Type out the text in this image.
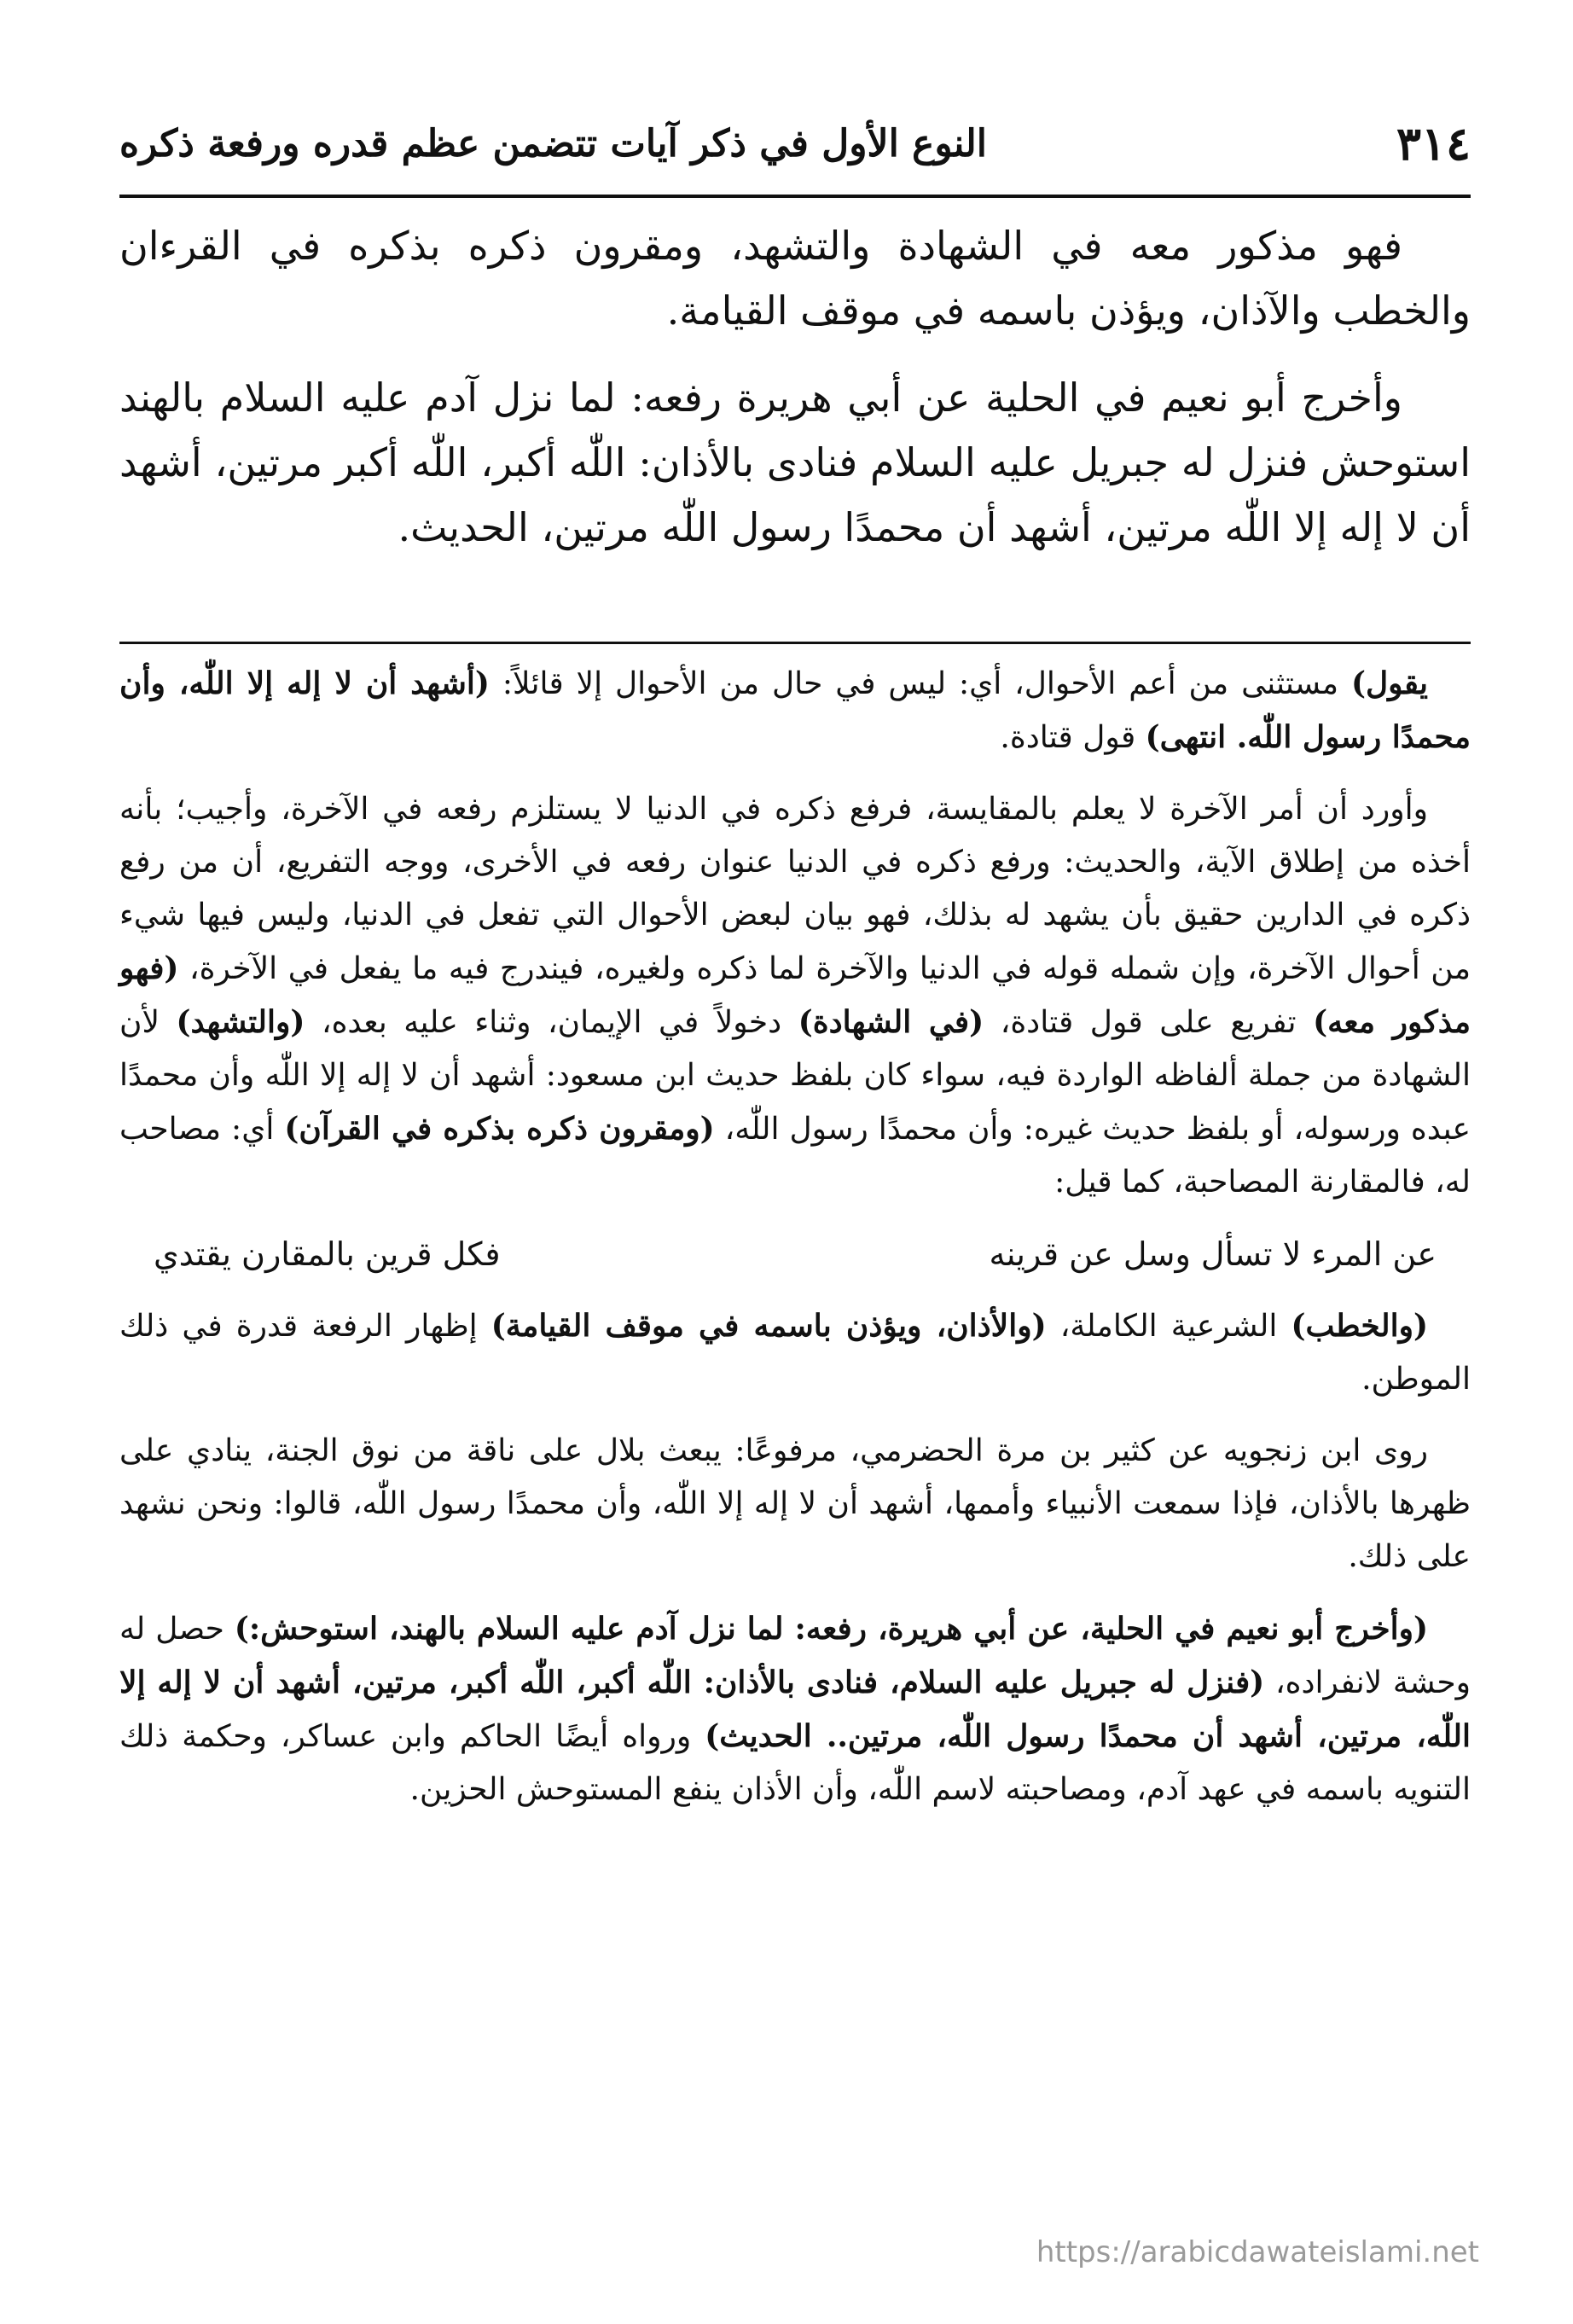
٣١٤
النوع الأول في ذكر آيات تتضمن عظم قدره ورفعة ذكره

فهو مذكور معه في الشهادة والتشهد، ومقرون ذكره بذكره في القرءان والخطب والآذان، ويؤذن باسمه في موقف القيامة.

وأخرج أبو نعيم في الحلية عن أبي هريرة رفعه: لما نزل آدم عليه السلام بالهند استوحش فنزل له جبريل عليه السلام فنادى بالأذان: اللّٰه أكبر، اللّٰه أكبر مرتين، أشهد أن لا إله إلا اللّٰه مرتين، أشهد أن محمدًا رسول اللّٰه مرتين، الحديث.

يقول) مستثنى من أعم الأحوال، أي: ليس في حال من الأحوال إلا قائلاً: (أشهد أن لا إله إلا اللّٰه، وأن محمدًا رسول اللّٰه. انتهى) قول قتادة.

وأورد أن أمر الآخرة لا يعلم بالمقايسة، فرفع ذكره في الدنيا لا يستلزم رفعه في الآخرة، وأجيب؛ بأنه أخذه من إطلاق الآية، والحديث: ورفع ذكره في الدنيا عنوان رفعه في الأخرى، ووجه التفريع، أن من رفع ذكره في الدارين حقيق بأن يشهد له بذلك، فهو بيان لبعض الأحوال التي تفعل في الدنيا، وليس فيها شيء من أحوال الآخرة، وإن شمله قوله في الدنيا والآخرة لما ذكره ولغيره، فيندرج فيه ما يفعل في الآخرة، (فهو مذكور معه) تفريع على قول قتادة، (في الشهادة) دخولاً في الإيمان، وثناء عليه بعده، (والتشهد) لأن الشهادة من جملة ألفاظه الواردة فيه، سواء كان بلفظ حديث ابن مسعود: أشهد أن لا إله إلا اللّٰه وأن محمدًا عبده ورسوله، أو بلفظ حديث غيره: وأن محمدًا رسول اللّٰه، (ومقرون ذكره بذكره في القرآن) أي: مصاحب له، فالمقارنة المصاحبة، كما قيل:

عن المرء لا تسأل وسل عن قرينه
فكل قرين بالمقارن يقتدي

(والخطب) الشرعية الكاملة، (والأذان، ويؤذن باسمه في موقف القيامة) إظهار الرفعة قدرة في ذلك الموطن.

روى ابن زنجويه عن كثير بن مرة الحضرمي، مرفوعًا: يبعث بلال على ناقة من نوق الجنة، ينادي على ظهرها بالأذان، فإذا سمعت الأنبياء وأممها، أشهد أن لا إله إلا اللّٰه، وأن محمدًا رسول اللّٰه، قالوا: ونحن نشهد على ذلك.

(وأخرج أبو نعيم في الحلية، عن أبي هريرة، رفعه: لما نزل آدم عليه السلام بالهند، استوحش:) حصل له وحشة لانفراده، (فنزل له جبريل عليه السلام، فنادى بالأذان: اللّٰه أكبر، اللّٰه أكبر، مرتين، أشهد أن لا إله إلا اللّٰه، مرتين، أشهد أن محمدًا رسول اللّٰه، مرتين.. الحديث) ورواه أيضًا الحاكم وابن عساكر، وحكمة ذلك التنويه باسمه في عهد آدم، ومصاحبته لاسم اللّٰه، وأن الأذان ينفع المستوحش الحزين.

https://arabicdawateislami.net
